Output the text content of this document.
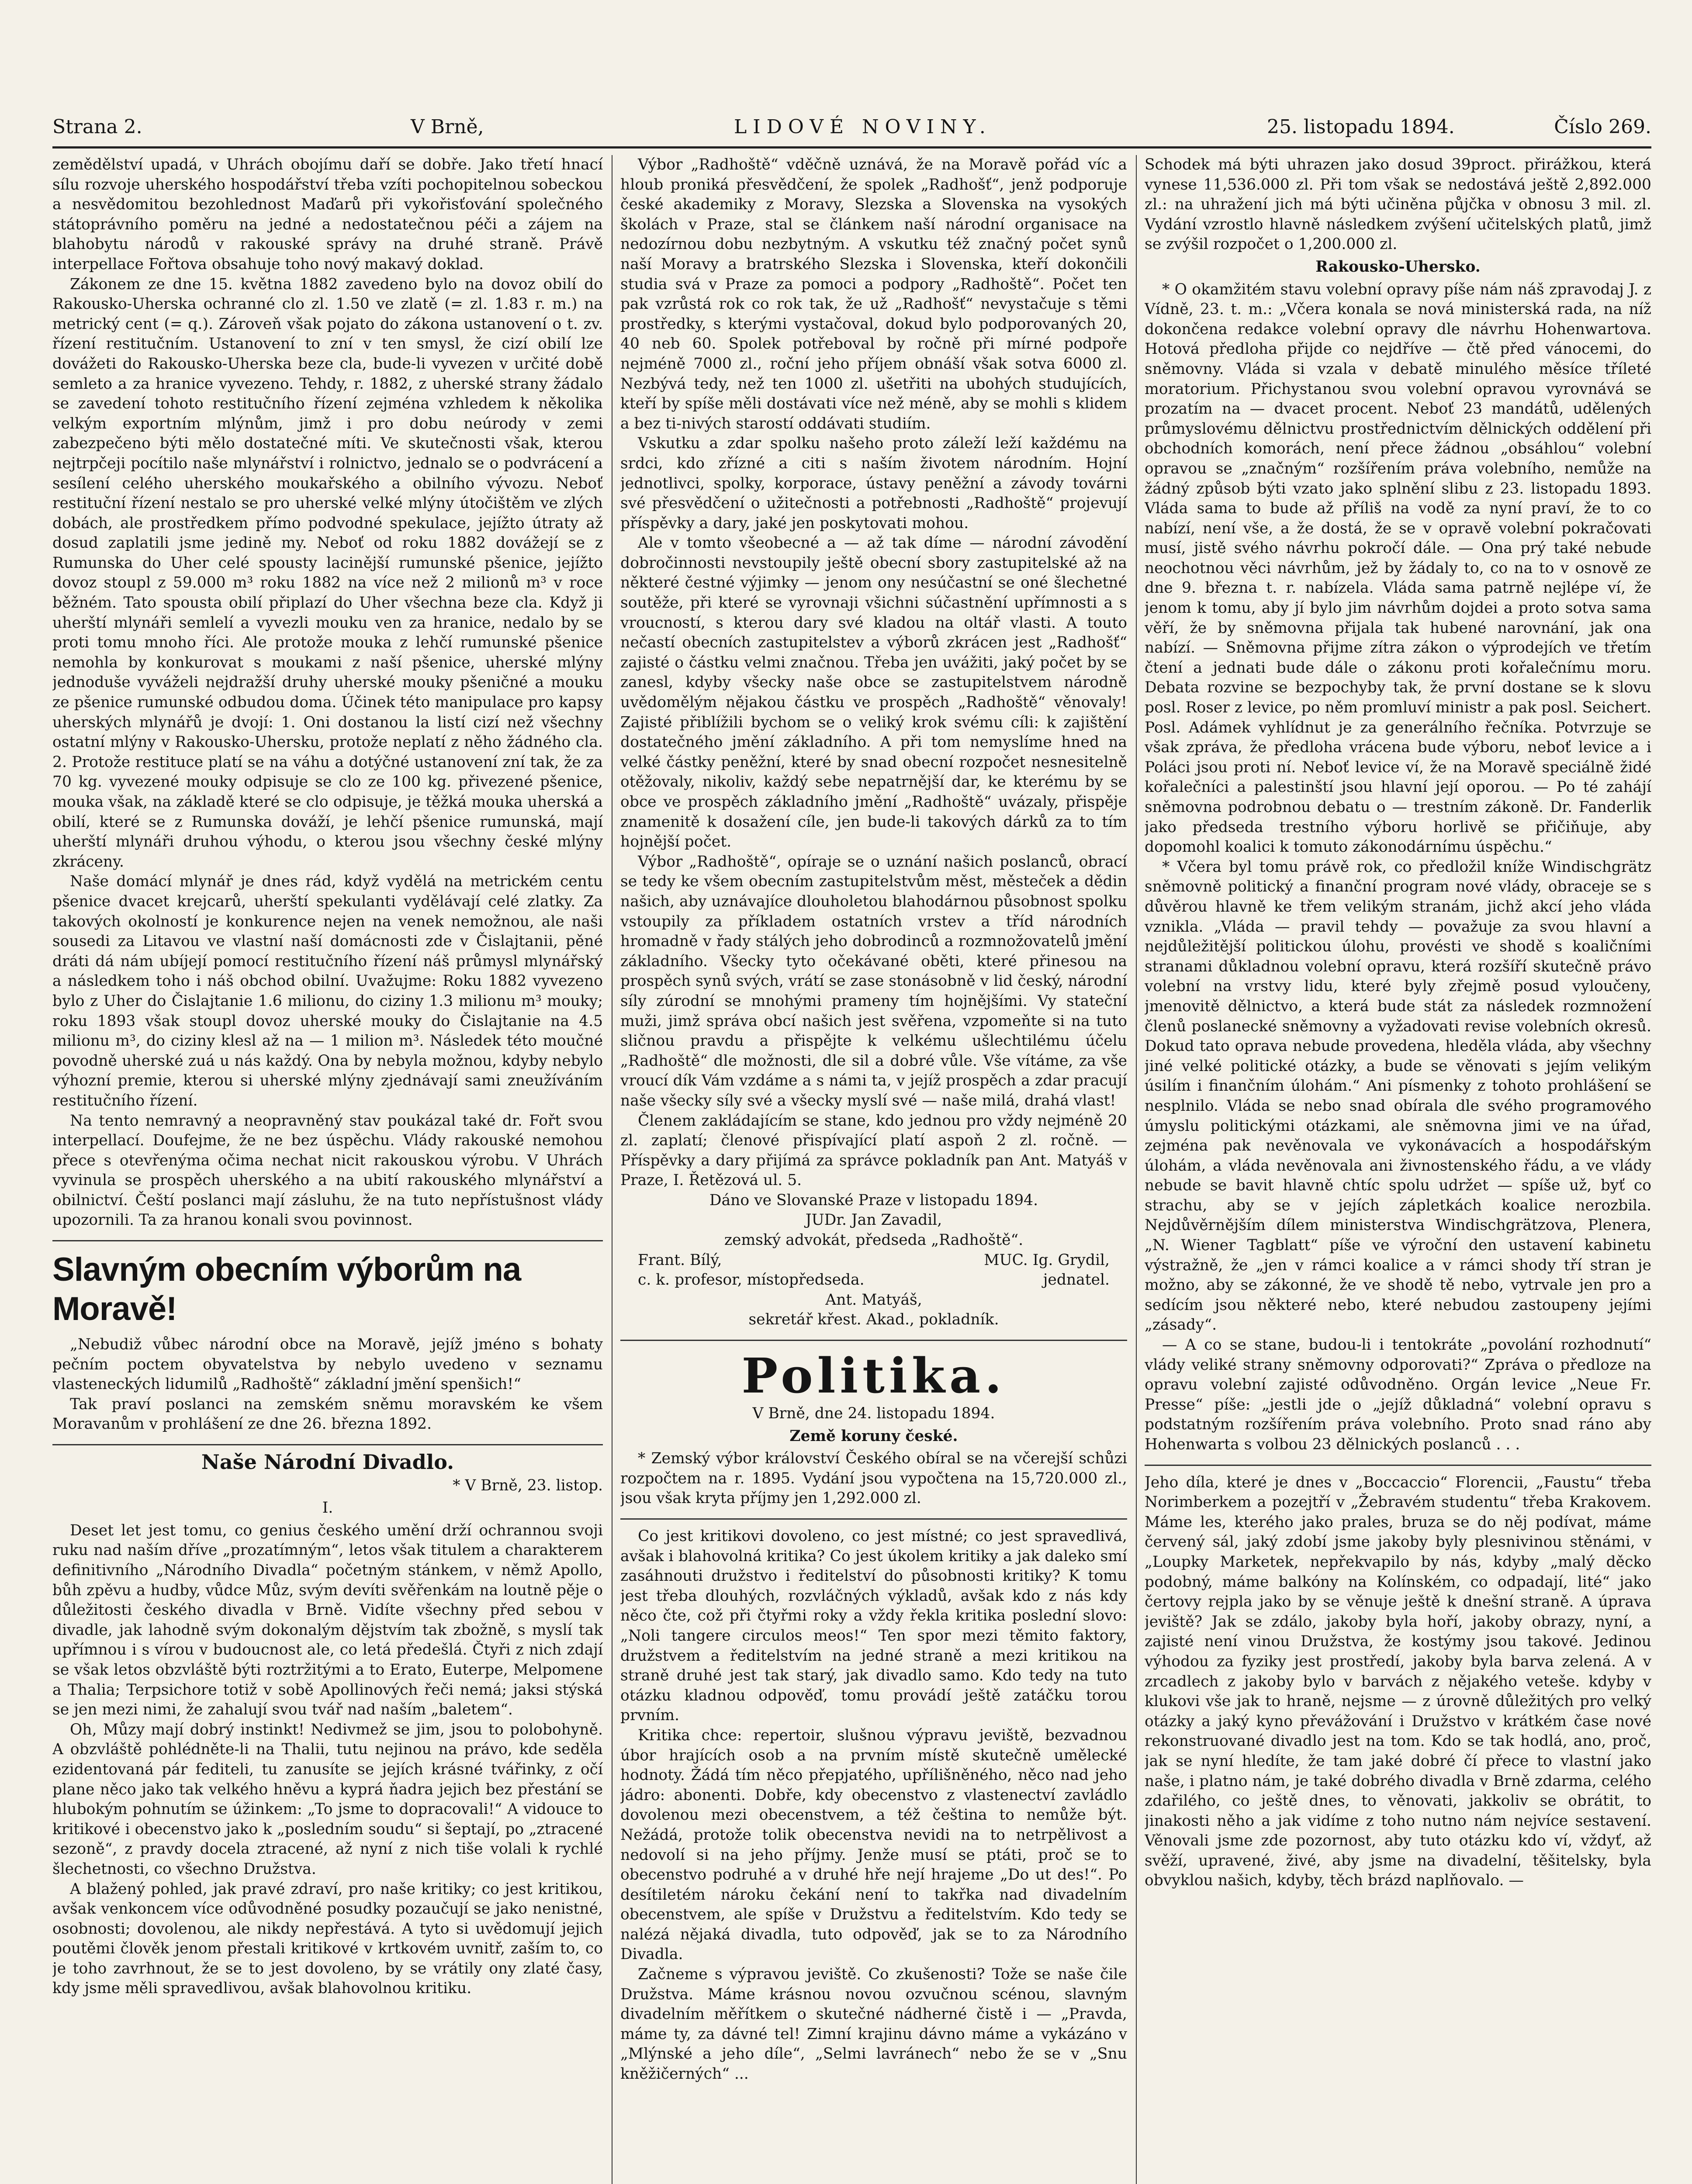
Strana 2.	V Brně,	LIDOVÉ NOVINY.	25. listopadu 1894.	Číslo 269.

zemědělství upadá, v Uhrách obojímu daří se dobře. Jako třetí hnací sílu rozvoje uherského hospodářství třeba vzíti pochopitelnou sobeckou a nesvědomitou bezohlednost Maďarů při vykořisťování společného státoprávního poměru na jedné a nedostatečnou péči a zájem na blahobytu národů v rakouské správy na druhé straně. Právě interpellace Fořtova obsahuje toho nový makavý doklad.

Zákonem ze dne 15. května 1882 zavedeno bylo na dovoz obilí do Rakousko-Uherska ochranné clo zl. 1.50 ve zlatě (= zl. 1.83 r. m.) na metrický cent (= q.). Zároveň však pojato do zákona ustanovení o t. zv. řízení restitučním. Ustanovení to zní v ten smysl, že cizí obilí lze dovážeti do Rakousko-Uherska beze cla, bude-li vyvezen v určité době semleto a za hranice vyvezeno. Tehdy, r. 1882, z uherské strany žádalo se zavedení tohoto restitučního řízení zejména vzhledem k několika velkým exportním mlýnům, jimž i pro dobu neúrody v zemi zabezpečeno býti mělo dostatečné míti. Ve skutečnosti však, kterou nejtrpčeji pocítilo naše mlynářství i rolnictvo, jednalo se o podvrácení a sesílení celého uherského moukařského a obilního vývozu. Neboť restituční řízení nestalo se pro uherské velké mlýny útočištěm ve zlých dobách, ale prostředkem přímo podvodné spekulace, jejížto útraty až dosud zaplatili jsme jedině my. Neboť od roku 1882 dovážejí se z Rumunska do Uher celé spousty lacinější rumunské pšenice, jejížto dovoz stoupl z 59.000 m³ roku 1882 na více než 2 milionů m³ v roce běžném. Tato spousta obilí připlazí do Uher všechna beze cla. Když ji uherští mlynáři semlelí a vyvezli mouku ven za hranice, nedalo by se proti tomu mnoho říci. Ale protože mouka z lehčí rumunské pšenice nemohla by konkurovat s moukami z naší pšenice, uherské mlýny jednoduše vyváželi nejdražší druhy uherské mouky pšeničné a mouku ze pšenice rumunské odbudou doma. Účinek této manipulace pro kapsy uherských mlynářů je dvojí: 1. Oni dostanou la listí cizí než všechny ostatní mlýny v Rakousko-Uhersku, protože neplatí z něho žádného cla. 2. Protože restituce platí se na váhu a dotýčné ustanovení zní tak, že za 70 kg. vyvezené mouky odpisuje se clo ze 100 kg. přivezené pšenice, mouka však, na základě které se clo odpisuje, je těžká mouka uherská a obilí, které se z Rumunska dováží, je lehčí pšenice rumunská, mají uherští mlynáři druhou výhodu, o kterou jsou všechny české mlýny zkráceny.

Naše domácí mlynář je dnes rád, když vydělá na metrickém centu pšenice dvacet krejcarů, uherští spekulanti vydělávají celé zlatky. Za takových okolností je konkurence nejen na venek nemožnou, ale naši sousedi za Litavou ve vlastní naší domácnosti zde v Čislajtanii, pěné dráti dá nám ubíjejí pomocí restitučního řízení náš průmysl mlynářský a následkem toho i náš obchod obilní. Uvažujme: Roku 1882 vyvezeno bylo z Uher do Čislajtanie 1.6 milionu, do ciziny 1.3 milionu m³ mouky; roku 1893 však stoupl dovoz uherské mouky do Čislajtanie na 4.5 milionu m³, do ciziny klesl až na — 1 milion m³. Následek této moučné povodně uherské zuá u nás každý. Ona by nebyla možnou, kdyby nebylo výhozní premie, kterou si uherské mlýny zjednávají sami zneužíváním restitučního řízení.

Na tento nemravný a neopravněný stav poukázal také dr. Fořt svou interpellací. Doufejme, že ne bez úspěchu. Vlády rakouské nemohou přece s otevřenýma očima nechat nicit rakouskou výrobu. V Uhrách vyvinula se prospěch uherského a na ubití rakouského mlynářství a obilnictví. Čeští poslanci mají zásluhu, že na tuto nepřístušnost vlády upozornili. Ta za hranou konali svou povinnost.

Slavným obecním výborům na Moravě!

„Nebudiž vůbec národní obce na Moravě, jejíž jméno s bohaty pečním poctem obyvatelstva by nebylo uvedeno v seznamu vlasteneckých lidumilů „Radhoště“ základní jmění spenšich!“

Tak praví poslanci na zemském sněmu moravském ke všem Moravanům v prohlášení ze dne 26. března 1892.

Naše Národní Divadlo.

* V Brně, 23. listop.

I.

Deset let jest tomu, co genius českého umění drží ochrannou svoji ruku nad naším dříve „prozatímným“, letos však titulem a charakterem definitivního „Národního Divadla“ početným stánkem, v němž Apollo, bůh zpěvu a hudby, vůdce Můz, svým devíti svěřenkám na loutně pěje o důležitosti českého divadla v Brně. Vidíte všechny před sebou v divadle, jak lahodně svým dokonalým dějstvím tak zbožně, s myslí tak upřímnou i s vírou v budoucnost ale, co letá předešlá. Čtyři z nich zdají se však letos obzvláště býti roztržitými a to Erato, Euterpe, Melpomene a Thalia; Terpsichore totiž v sobě Apollinových řeči nemá; jaksi stýská se jen mezi nimi, že zahalují svou tvář nad naším „baletem“.

Oh, Můzy mají dobrý instinkt! Nedivmež se jim, jsou to polobohyně. A obzvláště pohlédněte-li na Thalii, tutu nejinou na právo, kde seděla ezidentovaná pár fediteli, tu zanusíte se jejích krásné tvářinky, z očí plane něco jako tak velkého hněvu a kyprá ňadra jejich bez přestání se hlubokým pohnutím se úžinkem: „To jsme to dopracovali!“ A vidouce to kritikové i obecenstvo jako k „posledním soudu“ si šeptají, po „ztracené sezoně“, z pravdy docela ztracené, až nyní z nich tiše volali k rychlé šlechetnosti, co všechno Družstva.

A blažený pohled, jak pravé zdraví, pro naše kritiky; co jest kritikou, avšak venkoncem více odůvodněné posudky pozaučují se jako nenistné, osobnosti; dovolenou, ale nikdy nepřestává. A tyto si uvědomují jejich poutěmi člověk jenom přestali kritikové v krtkovém uvnitř, zaším to, co je toho zavrhnout, že se to jest dovoleno, by se vrátily ony zlaté časy, kdy jsme měli spravedlivou, avšak blahovolnou kritiku.

Výbor „Radhoště“ vděčně uznává, že na Moravě pořád víc a hloub proniká přesvědčení, že spolek „Radhošť“, jenž podporuje české akademiky z Moravy, Slezska a Slovenska na vysokých školách v Praze, stal se článkem naší národní organisace na nedozírnou dobu nezbytným. A vskutku též značný počet synů naší Moravy a bratrského Slezska i Slovenska, kteří dokončili studia svá v Praze za pomoci a podpory „Radhoště“. Počet ten pak vzrůstá rok co rok tak, že už „Radhošť“ nevystačuje s těmi prostředky, s kterými vystačoval, dokud bylo podporovaných 20, 40 neb 60. Spolek potřeboval by ročně při mírné podpoře nejméně 7000 zl., roční jeho příjem obnáší však sotva 6000 zl. Nezbývá tedy, než ten 1000 zl. ušetřiti na ubohých studujících, kteří by spíše měli dostávati více než méně, aby se mohli s klidem a bez ti-nivých starostí oddávati studiím.

Vskutku a zdar spolku našeho proto záleží leží každému na srdci, kdo zřízné a citi s naším životem národním. Hojní jednotlivci, spolky, korporace, ústavy peněžní a závody továrni své přesvědčení o užitečnosti a potřebnosti „Radhoště“ projevují příspěvky a dary, jaké jen poskytovati mohou.

Ale v tomto všeobecné a — až tak díme — národní závodění dobročinnosti nevstoupily ještě obecní sbory zastupitelské až na některé čestné výjimky — jenom ony nesúčastní se oné šlechetné soutěže, při které se vyrovnaji všichni súčastnění upřímnosti a s vroucností, s kterou dary své kladou na oltář vlasti. A touto nečastí obecních zastupitelstev a výborů zkrácen jest „Radhošť“ zajisté o částku velmi značnou. Třeba jen uvážiti, jaký počet by se zanesl, kdyby všecky naše obce se zastupitelstvem národně uvědomělým nějakou částku ve prospěch „Radhoště“ věnovaly! Zajisté přiblížili bychom se o veliký krok svému cíli: k zajištění dostatečného jmění základního. A při tom nemyslíme hned na velké částky peněžní, které by snad obecní rozpočet nesnesitelně otěžovaly, nikoliv, každý sebe nepatrnější dar, ke kterému by se obce ve prospěch základního jmění „Radhoště“ uvázaly, přispěje znamenitě k dosažení cíle, jen bude-li takových dárků za to tím hojnější počet.

Výbor „Radhoště“, opíraje se o uznání našich poslanců, obrací se tedy ke všem obecním zastupitelstvům měst, městeček a dědin našich, aby uznávajíce dlouholetou blahodárnou působnost spolku vstoupily za příkladem ostatních vrstev a tříd národních hromadně v řady stálých jeho dobrodinců a rozmnožovatelů jmění základního. Všecky tyto očekávané oběti, které přinesou na prospěch synů svých, vrátí se zase stonásobně v lid český, národní síly zúrodní se mnohými prameny tím hojnějšími. Vy stateční muži, jimž správa obcí našich jest svěřena, vzpomeňte si na tuto sličnou pravdu a přispějte k velkému ušlechtilému účelu „Radhoště“ dle možnosti, dle sil a dobré vůle. Vše vítáme, za vše vroucí dík Vám vzdáme a s námi ta, v jejíž prospěch a zdar pracují naše všecky síly své a všecky myslí své — naše milá, drahá vlast!

Členem zakládajícím se stane, kdo jednou pro vždy nejméně 20 zl. zaplatí; členové přispívající platí aspoň 2 zl. ročně. — Příspěvky a dary přijímá za správce pokladník pan Ant. Matyáš v Praze, I. Řetězová ul. 5.

Dáno ve Slovanské Praze v listopadu 1894.

JUDr. Jan Zavadil,

zemský advokát, předseda „Radhoště“.

Frant. Bílý,	MUC. Ig. Grydil,
c. k. profesor, místopředseda.	jednatel.

Ant. Matyáš,

sekretář křest. Akad., pokladník.

Politika.

V Brně, dne 24. listopadu 1894.

Země koruny české.

* Zemský výbor království Českého obíral se na včerejší schůzi rozpočtem na r. 1895. Vydání jsou vypočtena na 15,720.000 zl., jsou však kryta příjmy jen 1,292.000 zl.

Co jest kritikovi dovoleno, co jest místné; co jest spravedlivá, avšak i blahovolná kritika? Co jest úkolem kritiky a jak daleko smí zasáhnouti družstvo i ředitelství do působnosti kritiky? K tomu jest třeba dlouhých, rozvláčných výkladů, avšak kdo z nás kdy něco čte, což při čtyřmi roky a vždy řekla kritika poslední slovo: „Noli tangere circulos meos!“ Ten spor mezi těmito faktory, družstvem a ředitelstvím na jedné straně a mezi kritikou na straně druhé jest tak starý, jak divadlo samo. Kdo tedy na tuto otázku kladnou odpověď, tomu provádí ještě zatáčku torou prvním.

Kritika chce: repertoir, slušnou výpravu jeviště, bezvadnou úbor hrajících osob a na prvním místě skutečně umělecké hodnoty. Žádá tím něco přepjatého, upřílišněného, něco nad jeho jádro: abonenti. Dobře, kdy obecenstvo z vlastenectví zavládlo dovolenou mezi obecenstvem, a též čeština to nemůže být. Nežádá, protože tolik obecenstva nevidi na to netrpělivost a nedovolí si na jeho příjmy. Jenže musí se ptáti, proč se to obecenstvo podruhé a v druhé hře nejí hrajeme „Do ut des!“. Po desítiletém nároku čekání není to takřka nad divadelním obecenstvem, ale spíše v Družstvu a ředitelstvím. Kdo tedy se nalézá nějaká divadla, tuto odpověď, jak se to za Národního Divadla.

Začneme s výpravou jeviště. Co zkušenosti? Tože se naše čile Družstva. Máme krásnou novou ozvučnou scénou, slavným divadelním měřítkem o skutečné nádherné čistě i — „Pravda, máme ty, za dávné tel! Zimní krajinu dávno máme a vykázáno v „Mlýnské a jeho díle“, „Selmi lavránech“ nebo že se v „Snu kněžičerných“ ...

Schodek má býti uhrazen jako dosud 39proct. přirážkou, která vynese 11,536.000 zl. Při tom však se nedostává ještě 2,892.000 zl.: na uhražení jich má býti učiněna půjčka v obnosu 3 mil. zl. Vydání vzrostlo hlavně následkem zvýšení učitelských platů, jimž se zvýšil rozpočet o 1,200.000 zl.

Rakousko-Uhersko.

* O okamžitém stavu volební opravy píše nám náš zpravodaj J. z Vídně, 23. t. m.: „Včera konala se nová ministerská rada, na níž dokončena redakce volební opravy dle návrhu Hohenwartova. Hotová předloha přijde co nejdříve — čtě před vánocemi, do sněmovny. Vláda si vzala v debatě minulého měsíce tříleté moratorium. Přichystanou svou volební opravou vyrovnává se prozatím na — dvacet procent. Neboť 23 mandátů, udělených průmyslovému dělnictvu prostřednictvím dělnických oddělení při obchodních komorách, není přece žádnou „obsáhlou“ volební opravou se „značným“ rozšířením práva volebního, nemůže na žádný způsob býti vzato jako splnění slibu z 23. listopadu 1893. Vláda sama to bude až příliš na vodě za nyní praví, že to co nabízí, není vše, a že dostá, že se v opravě volební pokračovati musí, jistě svého návrhu pokročí dále. — Ona prý také nebude neochotnou věci návrhům, jež by žádaly to, co na to v osnově ze dne 9. března t. r. nabízela. Vláda sama patrně nejlépe ví, že jenom k tomu, aby jí bylo jim návrhům dojdei a proto sotva sama věří, že by sněmovna přijala tak hubené narovnání, jak ona nabízí. — Sněmovna přijme zítra zákon o výprodejích ve třetím čtení a jednati bude dále o zákonu proti kořalečnímu moru. Debata rozvine se bezpochyby tak, že první dostane se k slovu posl. Roser z levice, po něm promluví ministr a pak posl. Seichert. Posl. Adámek vyhlídnut je za generálního řečníka. Potvrzuje se však zpráva, že předloha vrácena bude výboru, neboť levice a i Poláci jsou proti ní. Neboť levice ví, že na Moravě speciálně židé kořalečníci a palestinští jsou hlavní její oporou. — Po té zahájí sněmovna podrobnou debatu o — trestním zákoně. Dr. Fanderlik jako předseda trestního výboru horlivě se přičiňuje, aby dopomohl koalici k tomuto zákonodárnímu úspěchu.“

* Včera byl tomu právě rok, co předložil kníže Windischgrätz sněmovně politický a finanční program nové vlády, obraceje se s důvěrou hlavně ke třem velikým stranám, jichž akcí jeho vláda vznikla. „Vláda — pravil tehdy — považuje za svou hlavní a nejdůležitější politickou úlohu, provésti ve shodě s koaličními stranami důkladnou volební opravu, která rozšíří skutečně právo volební na vrstvy lidu, které byly zřejmě posud vyloučeny, jmenovitě dělnictvo, a která bude stát za následek rozmnožení členů poslanecké sněmovny a vyžadovati revise volebních okresů. Dokud tato oprava nebude provedena, hleděla vláda, aby všechny jiné velké politické otázky, a bude se věnovati s jejím velikým úsilím i finančním úlohám.“ Ani písmenky z tohoto prohlášení se nesplnilo. Vláda se nebo snad obírala dle svého programového úmyslu politickými otázkami, ale sněmovna jimi ve na úřad, zejména pak nevěnovala ve vykonávacích a hospodářským úlohám, a vláda nevěnovala ani živnostenského řádu, a ve vlády nebude se bavit hlavně chtíc spolu udržet — spíše už, byť co strachu, aby se v jejích zápletkách koalice nerozbila. Nejdůvěrnějším dílem ministerstva Windischgrätzova, Plenera, „N. Wiener Tagblatt“ píše ve výroční den ustavení kabinetu výstražně, že „jen v rámci koalice a v rámci shody tří stran je možno, aby se zákonné, že ve shodě tě nebo, vytrvale jen pro a sedícím jsou některé nebo, které nebudou zastoupeny jejími „zásady“.

— A co se stane, budou-li i tentokráte „povolání rozhodnutí“ vlády veliké strany sněmovny odporovati?“ Zpráva o předloze na opravu volební zajisté odůvodněno. Orgán levice „Neue Fr. Presse“ píše: „jestli jde o „jejíž důkladná“ volební opravu s podstatným rozšířením práva volebního. Proto snad ráno aby Hohenwarta s volbou 23 dělnických poslanců . . .

Jeho díla, které je dnes v „Boccaccio“ Florencii, „Faustu“ třeba Norimberkem a pozejtří v „Žebravém studentu“ třeba Krakovem. Máme les, kterého jako prales, bruza se do něj podívat, máme červený sál, jaký zdobí jsme jakoby byly plesnivinou stěnámi, v „Loupky Marketek, nepřekvapilo by nás, kdyby „malý děcko podobný, máme balkóny na Kolínském, co odpadají, lité“ jako čertovy rejpla jako by se věnuje ještě k dnešní straně. A úprava jeviště? Jak se zdálo, jakoby byla hoří, jakoby obrazy, nyní, a zajisté není vinou Družstva, že kostýmy jsou takové. Jedinou výhodou za fyziky jest prostředí, jakoby byla barva zelená. A v zrcadlech z jakoby bylo v barvách z nějakého veteše. kdyby v klukovi vše jak to hraně, nejsme — z úrovně důležitých pro velký otázky a jaký kyno převážování i Družstvo v krátkém čase nové rekonstruované divadlo jest na tom. Kdo se tak hodlá, ano, proč, jak se nyní hledíte, že tam jaké dobré čí přece to vlastní jako naše, i platno nám, je také dobrého divadla v Brně zdarma, celého zdařilého, co ještě dnes, to věnovati, jakkoliv se obrátit, to jinakosti něho a jak vidíme z toho nutno nám nejvíce sestavení. Věnovali jsme zde pozornost, aby tuto otázku kdo ví, vždyť, až svěží, upravené, živé, aby jsme na divadelní, těšitelsky, byla obvyklou našich, kdyby, těch brázd naplňovalo. —
